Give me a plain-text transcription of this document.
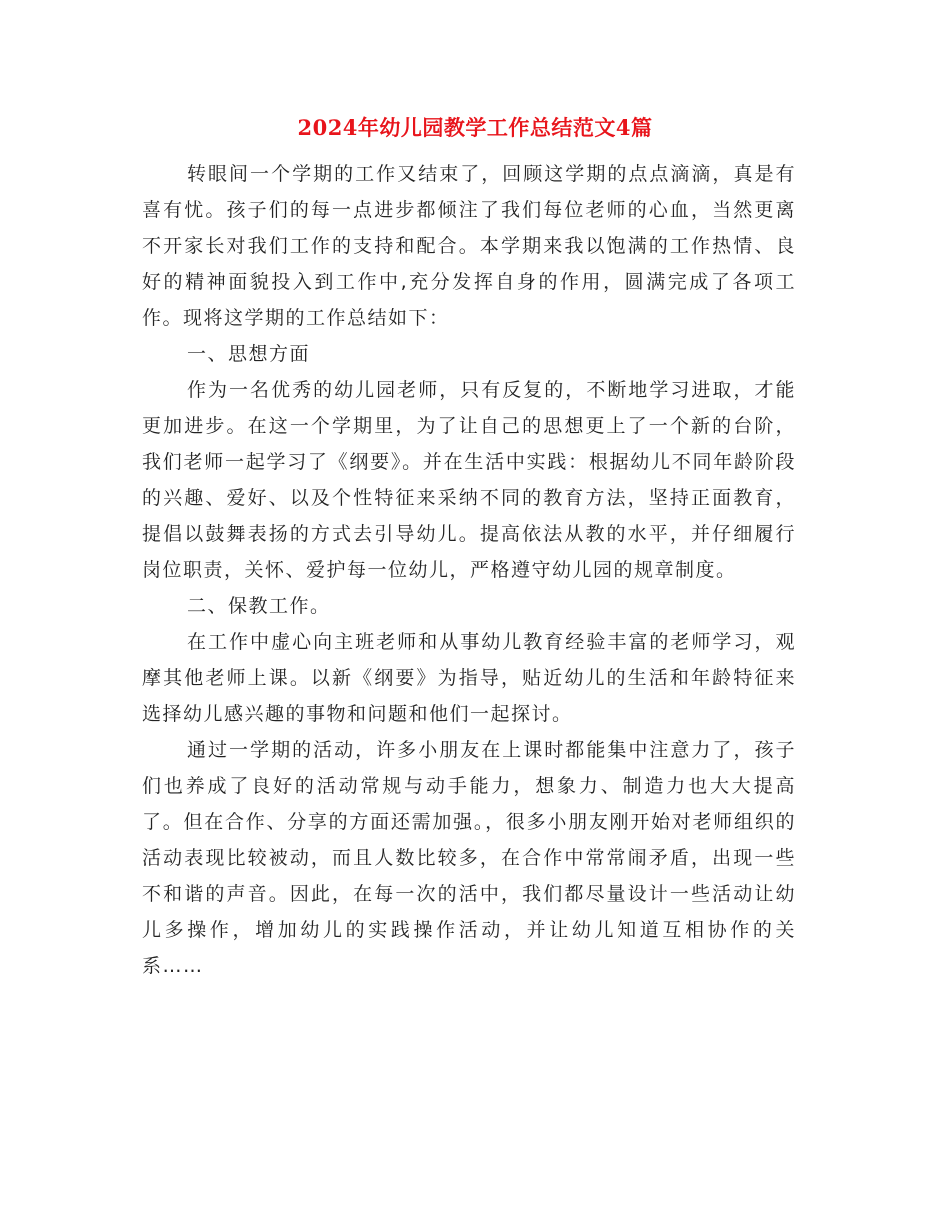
2024年幼儿园教学工作总结范文4篇

转眼间一个学期的工作又结束了，回顾这学期的点点滴滴，真是有喜有忧。孩子们的每一点进步都倾注了我们每位老师的心血，当然更离不开家长对我们工作的支持和配合。本学期来我以饱满的工作热情、良好的精神面貌投入到工作中,充分发挥自身的作用，圆满完成了各项工作。现将这学期的工作总结如下：

一、思想方面

作为一名优秀的幼儿园老师，只有反复的，不断地学习进取，才能更加进步。在这一个学期里，为了让自己的思想更上了一个新的台阶，我们老师一起学习了《纲要》。并在生活中实践：根据幼儿不同年龄阶段的兴趣、爱好、以及个性特征来采纳不同的教育方法，坚持正面教育，提倡以鼓舞表扬的方式去引导幼儿。提高依法从教的水平，并仔细履行岗位职责，关怀、爱护每一位幼儿，严格遵守幼儿园的规章制度。

二、保教工作。

在工作中虚心向主班老师和从事幼儿教育经验丰富的老师学习，观摩其他老师上课。以新《纲要》为指导，贴近幼儿的生活和年龄特征来选择幼儿感兴趣的事物和问题和他们一起探讨。

通过一学期的活动，许多小朋友在上课时都能集中注意力了，孩子们也养成了良好的活动常规与动手能力，想象力、制造力也大大提高了。但在合作、分享的方面还需加强。，很多小朋友刚开始对老师组织的活动表现比较被动，而且人数比较多，在合作中常常闹矛盾，出现一些不和谐的声音。因此，在每一次的活中，我们都尽量设计一些活动让幼儿多操作，增加幼儿的实践操作活动，并让幼儿知道互相协作的关系……
